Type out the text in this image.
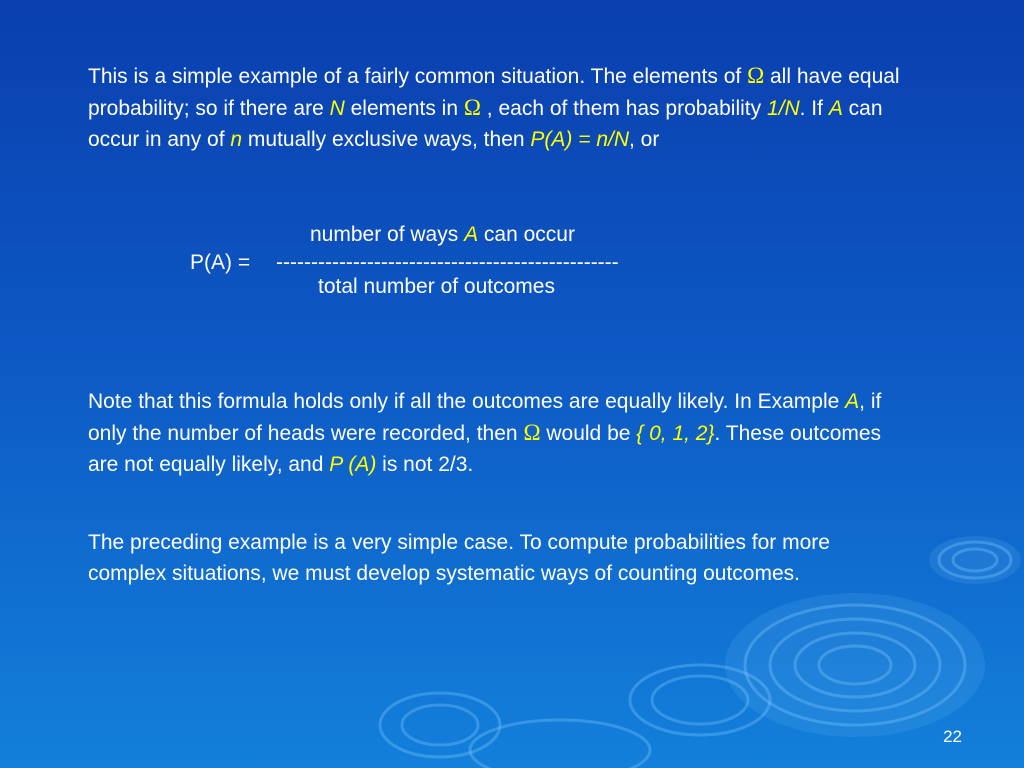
This is a simple example of a fairly common situation. The elements of Ω all have equal probability; so if there are N elements in Ω , each of them has probability 1/N. If A can occur in any of n mutually exclusive ways, then P(A) = n/N, or
number of ways A can occur
P(A) = -------------------------------------------------
total number of outcomes
Note that this formula holds only if all the outcomes are equally likely. In Example A, if only the number of heads were recorded, then Ω would be { 0, 1, 2}. These outcomes are not equally likely, and P (A) is not 2/3.
The preceding example is a very simple case. To compute probabilities for more complex situations, we must develop systematic ways of counting outcomes.
22
